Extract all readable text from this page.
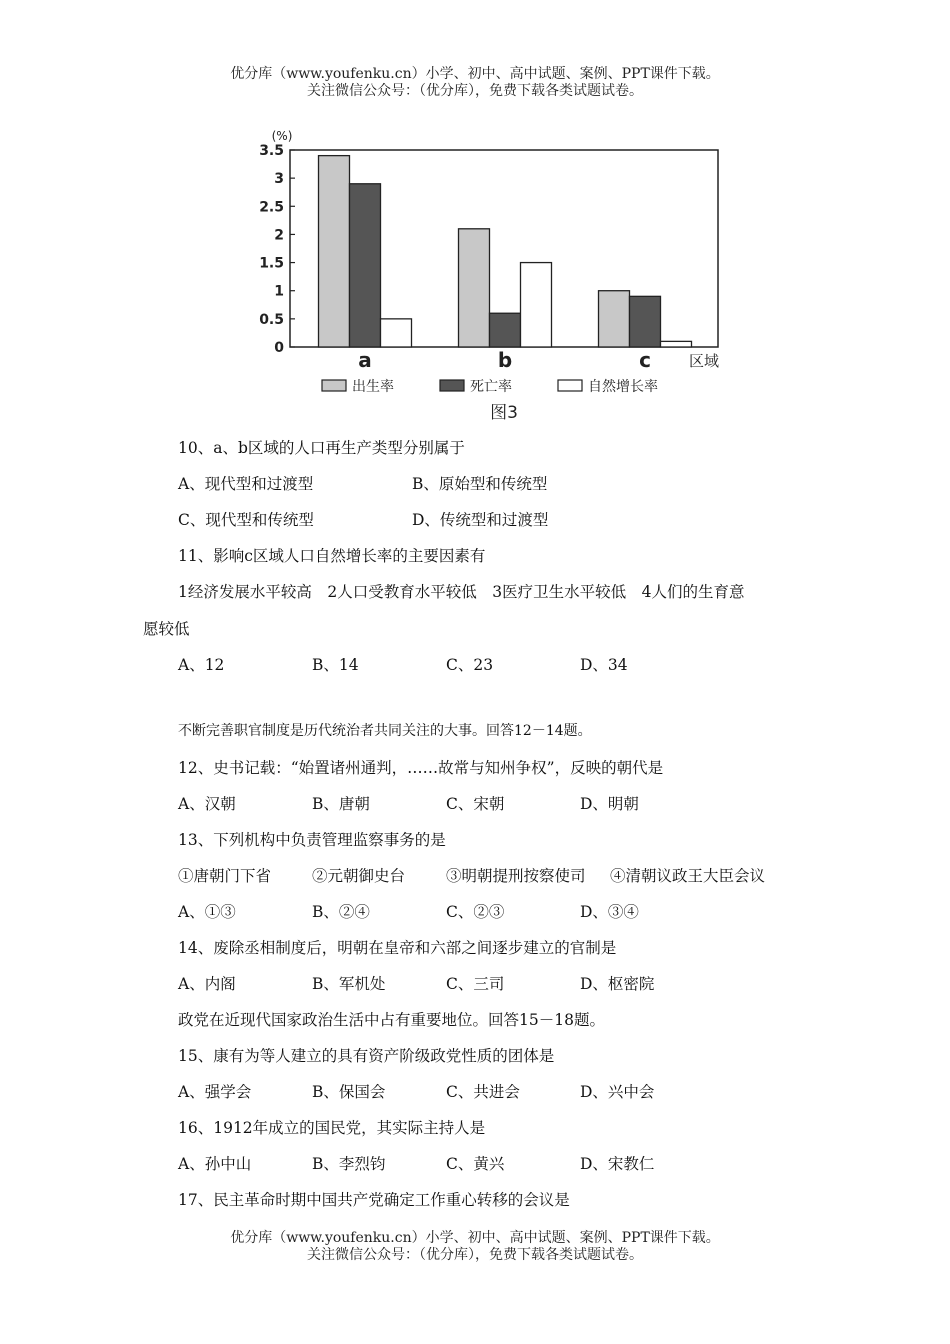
优分库（www.youfenku.cn）小学、初中、高中试题、案例、PPT课件下载。
关注微信公众号：（优分库），免费下载各类试题试卷。
0
0.5
1
1.5
2
2.5
3
3.5
(%)
a	b	c	区域
出生率	死亡率	自然增长率
图3
10、a、b区域的人口再生产类型分别属于
A、现代型和过渡型	B、原始型和传统型
C、现代型和传统型	D、传统型和过渡型
11、影响c区域人口自然增长率的主要因素有
1经济发展水平较高　2人口受教育水平较低　3医疗卫生水平较低　4人们的生育意
愿较低
A、12	B、14	C、23	D、34
不断完善职官制度是历代统治者共同关注的大事。回答12－14题。
12、史书记载：“始置诸州通判，……故常与知州争权”，反映的朝代是
A、汉朝	B、唐朝	C、宋朝	D、明朝
13、下列机构中负责管理监察事务的是
①唐朝门下省	②元朝御史台	③明朝提刑按察使司 ④清朝议政王大臣会议
A、①③	B、②④	C、②③	D、③④
14、废除丞相制度后，明朝在皇帝和六部之间逐步建立的官制是
A、内阁	B、军机处	C、三司	D、枢密院
政党在近现代国家政治生活中占有重要地位。回答15－18题。
15、康有为等人建立的具有资产阶级政党性质的团体是
A、强学会	B、保国会	C、共进会	D、兴中会
16、1912年成立的国民党，其实际主持人是
A、孙中山	B、李烈钧	C、黄兴	D、宋教仁
17、民主革命时期中国共产党确定工作重心转移的会议是
优分库（www.youfenku.cn）小学、初中、高中试题、案例、PPT课件下载。
关注微信公众号：（优分库），免费下载各类试题试卷。
